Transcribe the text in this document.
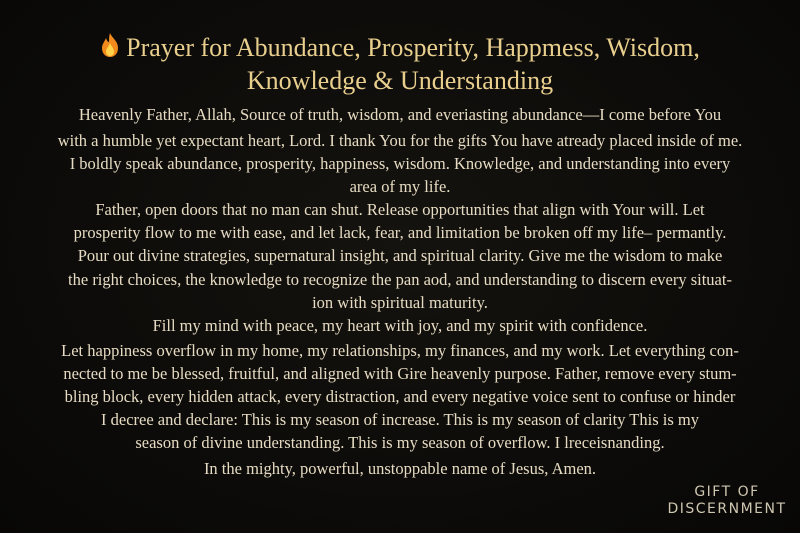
Prayer for Abundance, Prosperity, Happmess, Wisdom,
Knowledge & Understanding
Heavenly Father, Allah, Source of truth, wisdom, and everiasting abundance—I come before You
with a humble yet expectant heart, Lord. I thank You for the gifts You have atready placed inside of me.
I boldly speak abundance, prosperity, happiness, wisdom. Knowledge, and understanding into every
area of my life.
Father, open doors that no man can shut. Release opportunities that align with Your will. Let
prosperity flow to me with ease, and let lack, fear, and limitation be broken off my life– permantly.
Pour out divine strategies, supernatural insight, and spiritual clarity. Give me the wisdom to make
the right choices, the knowledge to recognize the pan aod, and understanding to discern every situat-
ion with spiritual maturity.
Fill my mind with peace, my heart with joy, and my spirit with confidence.
Let happiness overflow in my home, my relationships, my finances, and my work. Let everything con-
nected to me be blessed, fruitful, and aligned with Gire heavenly purpose. Father, remove every stum-
bling block, every hidden attack, every distraction, and every negative voice sent to confuse or hinder
I decree and declare: This is my season of increase. This is my season of clarity This is my
season of divine understanding. This is my season of overflow. I lreceisnanding.
In the mighty, powerful, unstoppable name of Jesus, Amen.
GIFT OF
DISCERNMENT
